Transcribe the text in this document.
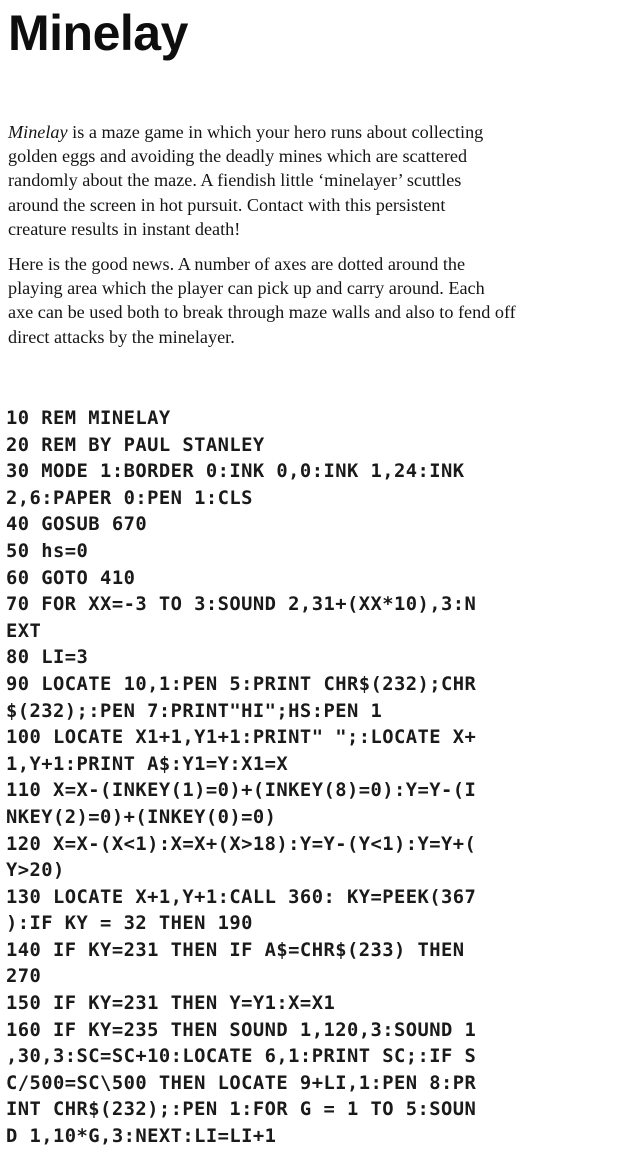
Minelay

Minelay is a maze game in which your hero runs about collecting
golden eggs and avoiding the deadly mines which are scattered
randomly about the maze. A fiendish little ‘minelayer’ scuttles
around the screen in hot pursuit. Contact with this persistent
creature results in instant death!

Here is the good news. A number of axes are dotted around the
playing area which the player can pick up and carry around. Each
axe can be used both to break through maze walls and also to fend off
direct attacks by the minelayer.

10 REM MINELAY
20 REM BY PAUL STANLEY
30 MODE 1:BORDER 0:INK 0,0:INK 1,24:INK
2,6:PAPER 0:PEN 1:CLS
40 GOSUB 670
50 hs=0
60 GOTO 410
70 FOR XX=-3 TO 3:SOUND 2,31+(XX*10),3:N
EXT
80 LI=3
90 LOCATE 10,1:PEN 5:PRINT CHR$(232);CHR
$(232);:PEN 7:PRINT"HI";HS:PEN 1
100 LOCATE X1+1,Y1+1:PRINT" ";:LOCATE X+
1,Y+1:PRINT A$:Y1=Y:X1=X
110 X=X-(INKEY(1)=0)+(INKEY(8)=0):Y=Y-(I
NKEY(2)=0)+(INKEY(0)=0)
120 X=X-(X<1):X=X+(X>18):Y=Y-(Y<1):Y=Y+(
Y>20)
130 LOCATE X+1,Y+1:CALL 360: KY=PEEK(367
):IF KY = 32 THEN 190
140 IF KY=231 THEN IF A$=CHR$(233) THEN
270
150 IF KY=231 THEN Y=Y1:X=X1
160 IF KY=235 THEN SOUND 1,120,3:SOUND 1
,30,3:SC=SC+10:LOCATE 6,1:PRINT SC;:IF S
C/500=SC\500 THEN LOCATE 9+LI,1:PEN 8:PR
INT CHR$(232);:PEN 1:FOR G = 1 TO 5:SOUN
D 1,10*G,3:NEXT:LI=LI+1
